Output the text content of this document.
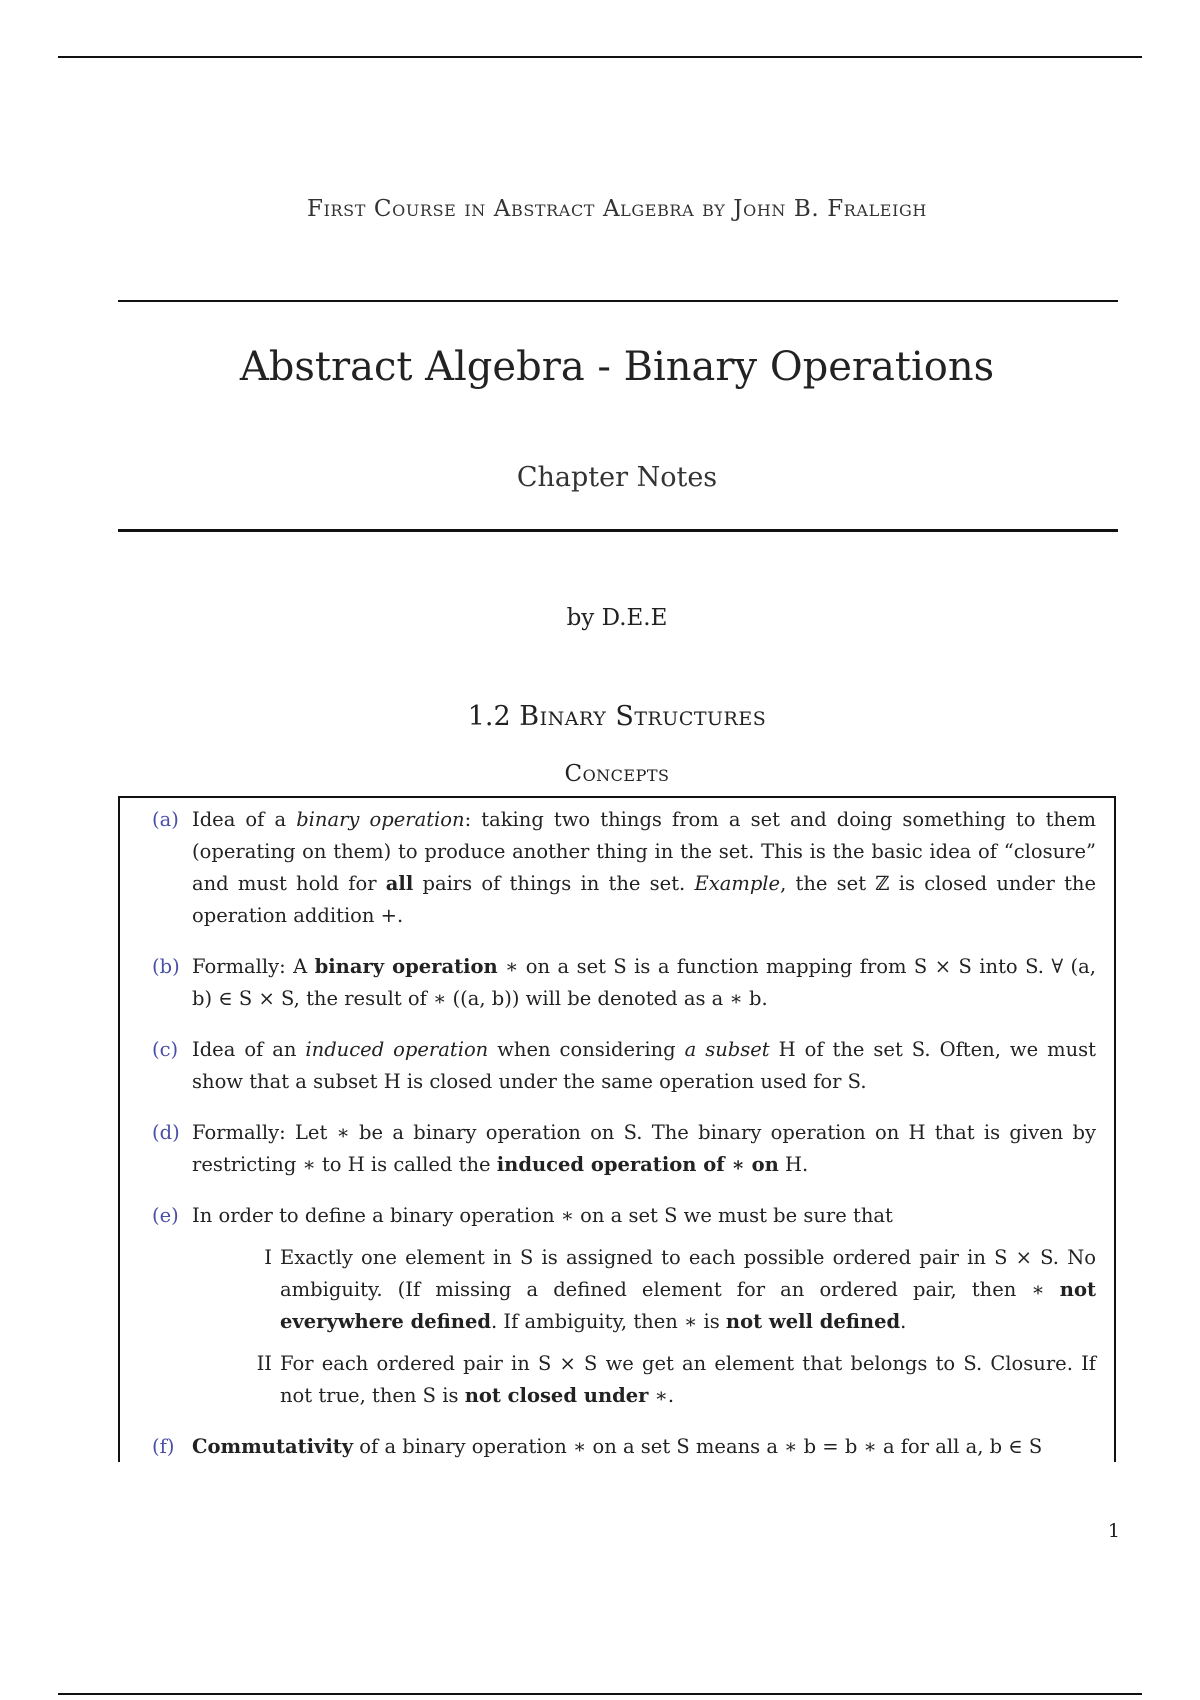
First Course in Abstract Algebra by John B. Fraleigh
Abstract Algebra - Binary Operations
Chapter Notes
by D.E.E
1.2 Binary Structures
Concepts
(a) Idea of a binary operation: taking two things from a set and doing something to them (operating on them) to produce another thing in the set. This is the basic idea of “closure” and must hold for all pairs of things in the set. Example, the set ℤ is closed under the operation addition +.
(b) Formally: A binary operation ∗ on a set S is a function mapping from S × S into S. ∀ (a, b) ∈ S × S, the result of ∗ ((a, b)) will be denoted as a ∗ b.
(c) Idea of an induced operation when considering a subset H of the set S. Often, we must show that a subset H is closed under the same operation used for S.
(d) Formally: Let ∗ be a binary operation on S. The binary operation on H that is given by restricting ∗ to H is called the induced operation of ∗ on H.
(e) In order to define a binary operation ∗ on a set S we must be sure that
I Exactly one element in S is assigned to each possible ordered pair in S × S. No ambiguity. (If missing a defined element for an ordered pair, then ∗ not everywhere defined. If ambiguity, then ∗ is not well defined.
II For each ordered pair in S × S we get an element that belongs to S. Closure. If not true, then S is not closed under ∗.
(f) Commutativity of a binary operation ∗ on a set S means a ∗ b = b ∗ a for all a, b ∈ S
1
